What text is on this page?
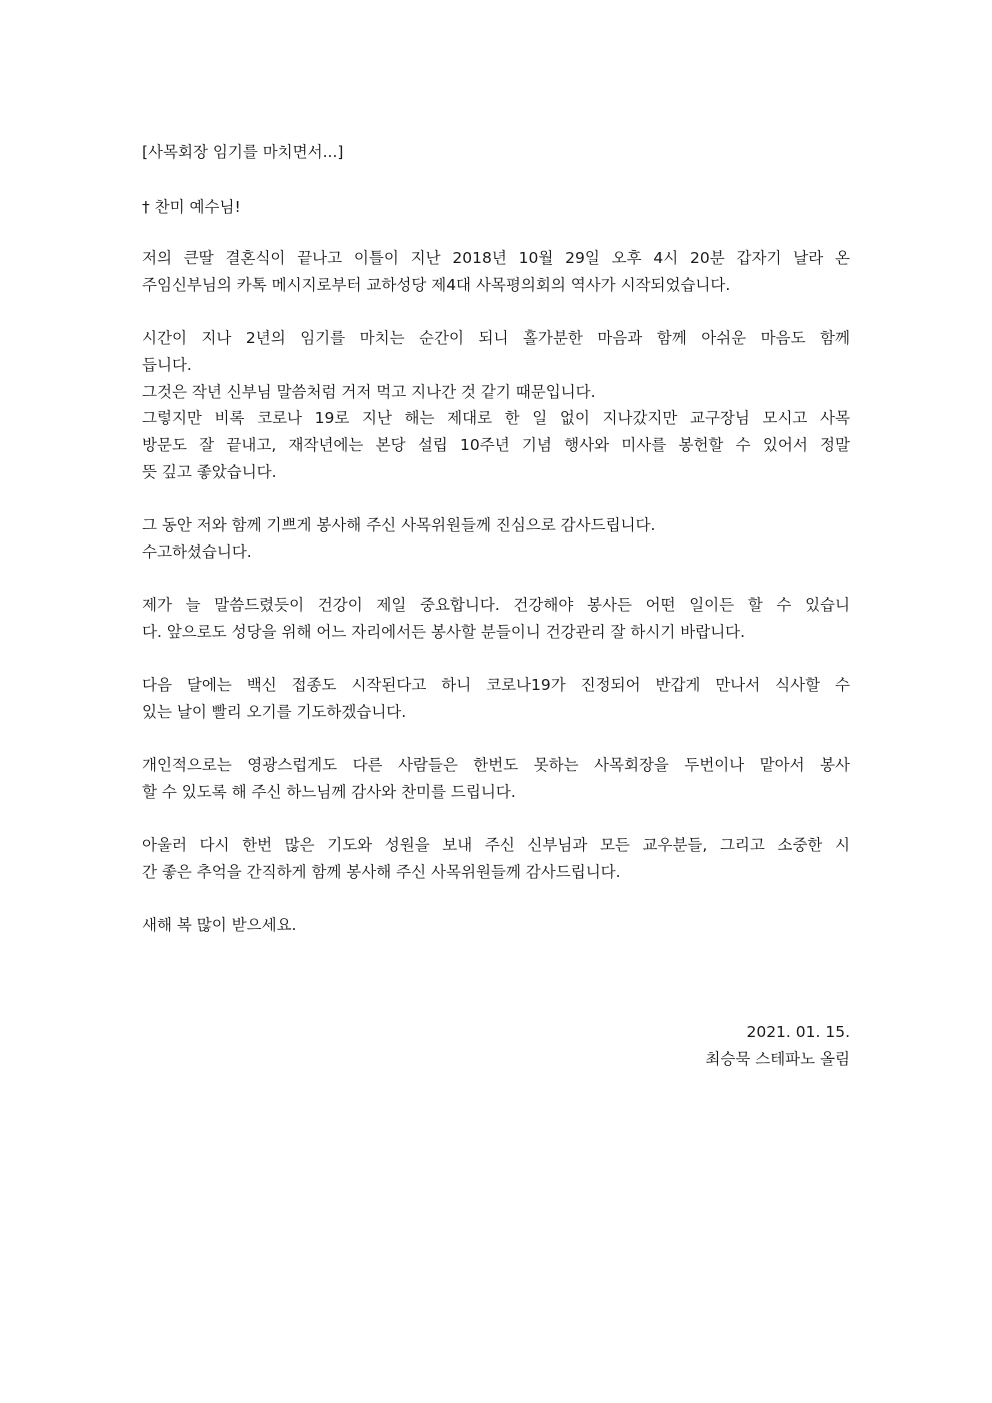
[사목회장 임기를 마치면서...]

† 찬미 예수님!

저의 큰딸 결혼식이 끝나고 이틀이 지난 2018년 10월 29일 오후 4시 20분 갑자기 날라 온

주임신부님의 카톡 메시지로부터 교하성당 제4대 사목평의회의 역사가 시작되었습니다.

시간이 지나 2년의 임기를 마치는 순간이 되니 홀가분한 마음과 함께 아쉬운 마음도 함께

듭니다.

그것은 작년 신부님 말씀처럼 거저 먹고 지나간 것 같기 때문입니다.

그렇지만 비록 코로나 19로 지난 해는 제대로 한 일 없이 지나갔지만 교구장님 모시고 사목

방문도 잘 끝내고, 재작년에는 본당 설립 10주년 기념 행사와 미사를 봉헌할 수 있어서 정말

뜻 깊고 좋았습니다.

그 동안 저와 함께 기쁘게 봉사해 주신 사목위원들께 진심으로 감사드립니다.

수고하셨습니다.

제가 늘 말씀드렸듯이 건강이 제일 중요합니다. 건강해야 봉사든 어떤 일이든 할 수 있습니

다. 앞으로도 성당을 위해 어느 자리에서든 봉사할 분들이니 건강관리 잘 하시기 바랍니다.

다음 달에는 백신 접종도 시작된다고 하니 코로나19가 진정되어 반갑게 만나서 식사할 수

있는 날이 빨리 오기를 기도하겠습니다.

개인적으로는 영광스럽게도 다른 사람들은 한번도 못하는 사목회장을 두번이나 맡아서 봉사

할 수 있도록 해 주신 하느님께 감사와 찬미를 드립니다.

아울러 다시 한번 많은 기도와 성원을 보내 주신 신부님과 모든 교우분들, 그리고 소중한 시

간 좋은 추억을 간직하게 함께 봉사해 주신 사목위원들께 감사드립니다.

새해 복 많이 받으세요.

2021. 01. 15.

최승묵 스테파노 올림
